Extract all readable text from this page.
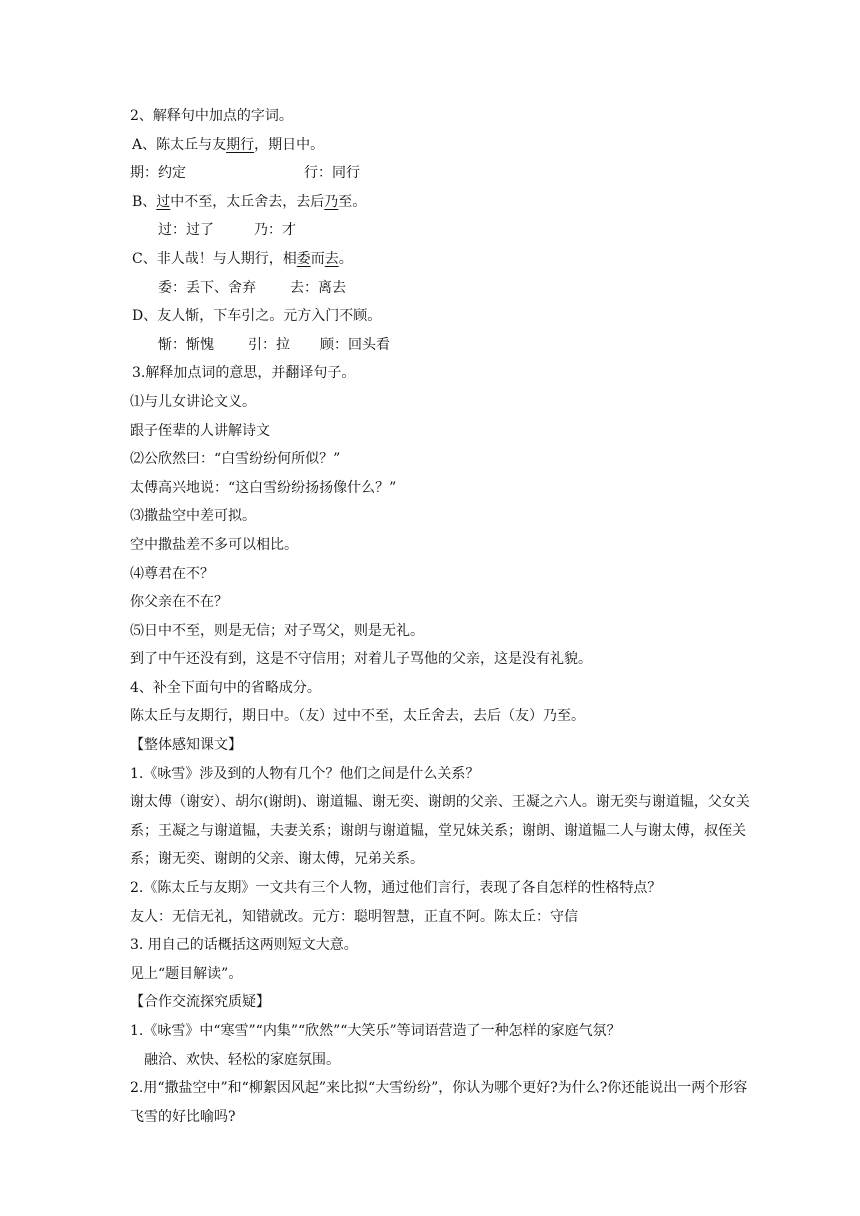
2、解释句中加点的字词。
A、陈太丘与友期行，期日中。
期：约定	行：同行
B、过中不至，太丘舍去，去后乃至。
过：过了	乃：才
C、非人哉！与人期行，相委而去。
委：丢下、舍弃 去：离去
D、友人惭，下车引之。元方入门不顾。
惭：惭愧 引：拉 顾：回头看
3.解释加点词的意思，并翻译句子。
⑴与儿女讲论文义。
跟子侄辈的人讲解诗文
⑵公欣然曰：“白雪纷纷何所似？”
太傅高兴地说：“这白雪纷纷扬扬像什么？”
⑶撒盐空中差可拟。
空中撒盐差不多可以相比。
⑷尊君在不？
你父亲在不在？
⑸日中不至，则是无信；对子骂父，则是无礼。
到了中午还没有到，这是不守信用；对着儿子骂他的父亲，这是没有礼貌。
4、补全下面句中的省略成分。
陈太丘与友期行，期日中。（友）过中不至，太丘舍去，去后（友）乃至。
【整体感知课文】
1.《咏雪》涉及到的人物有几个？他们之间是什么关系？
谢太傅（谢安）、胡尔(谢朗)、谢道韫、谢无奕、谢朗的父亲、王凝之六人。谢无奕与谢道韫，父女关系；王凝之与谢道韫，夫妻关系；谢朗与谢道韫，堂兄妹关系；谢朗、谢道韫二人与谢太傅，叔侄关系；谢无奕、谢朗的父亲、谢太傅，兄弟关系。
2.《陈太丘与友期》一文共有三个人物，通过他们言行，表现了各自怎样的性格特点？
友人：无信无礼，知错就改。元方：聪明智慧，正直不阿。陈太丘：守信
3. 用自己的话概括这两则短文大意。
见上“题目解读”。
【合作交流探究质疑】
1.《咏雪》中“寒雪”“内集”“欣然”“大笑乐”等词语营造了一种怎样的家庭气氛？
融洽、欢快、轻松的家庭氛围。
2.用“撒盐空中”和“柳絮因风起”来比拟“大雪纷纷”，你认为哪个更好?为什么?你还能说出一两个形容飞雪的好比喻吗?
